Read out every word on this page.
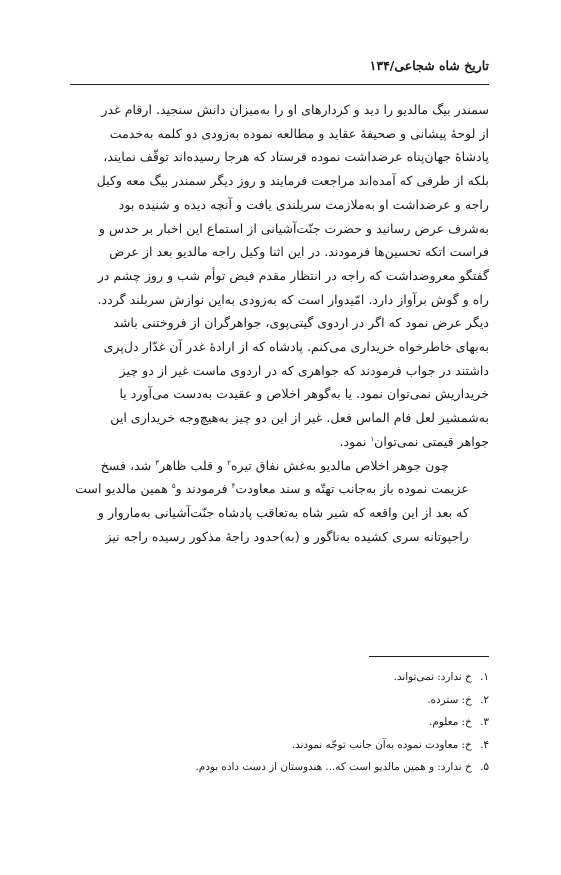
تاریخ شاه شجاعی/۱۳۴

سمندر بیگ مالدیو را دید و کردارهای او را به‌میزان دانش سنجید. ارقام غدر
از لوحهٔ پیشانی و صحیفهٔ عقاید و مطالعه نموده به‌زودی دو کلمه به‌خدمت
پادشاهٔ جهان‌پناه عرضداشت نموده فرستاد که هرجا رسیده‌اند توقّف نمایند،
بلکه از طرفی که آمده‌اند مراجعت فرمایند و روز دیگر سمندر بیگ معه وکیل
راجه و عرضداشت او به‌ملازمت سربلندی یافت و آنچه دیده و شنیده بود
به‌شرف عرض رسانید و حضرت جنّت‌آشیانی از استماع این اخبار بر حدس و
فراست اتکه تحسین‌ها فرمودند. در این اثنا وکیل راجه مالدیو بعد از عرض
گفتگو معروضداشت که راجه در انتظار مقدم فیض توأم شب و روز چشم در
راه و گوش برآواز دارد. امّیدوار است که به‌زودی به‌این نوازش سربلند گردد.
دیگر عرض نمود که اگر در اردوی گیتی‌پوی، جواهرگران از فروختنی باشد
به‌بهای خاطرخواه خریداری می‌کنم. پادشاه که از ارادهٔ غدر آن غدّار دل‌پری
داشتند در جواب فرمودند که جواهری که در اردوی ماست غیر از دو چیز
خریداریش نمی‌توان نمود. یا به‌گوهر اخلاص و عقیدت به‌دست می‌آورد یا
به‌شمشیر لعل فام الماس فعل. غیر از این دو چیز به‌هیچ‌وجه خریداری این
جواهر قیمتی نمی‌توان$^۱$ نمود.

چون جوهر اخلاص مالدیو به‌غش نفاق تیره$^۲$ و قلب ظاهر$^۳$ شد، فسخ
عزیمت نموده باز به‌جانب تهتّه و سند معاودت$^۴$ فرمودند و$^۵$ همین مالدیو است
که بعد از این واقعه که شیر شاه به‌تعاقب پادشاه جنّت‌آشیانی به‌ماروار و
راجپوتانه سری کشیده به‌ناگور و (به)حدود راجهٔ مذکور رسیده راجه نیز

۱. خ ندارد: نمی‌تواند.
۲. خ: سترده.
۳. خ: معلوم.
۴. خ: معاودت نموده به‌آن جانب توجّه نمودند.
۵. خ ندارد: و همین مالدیو است که... هندوستان از دست داده بودم.
